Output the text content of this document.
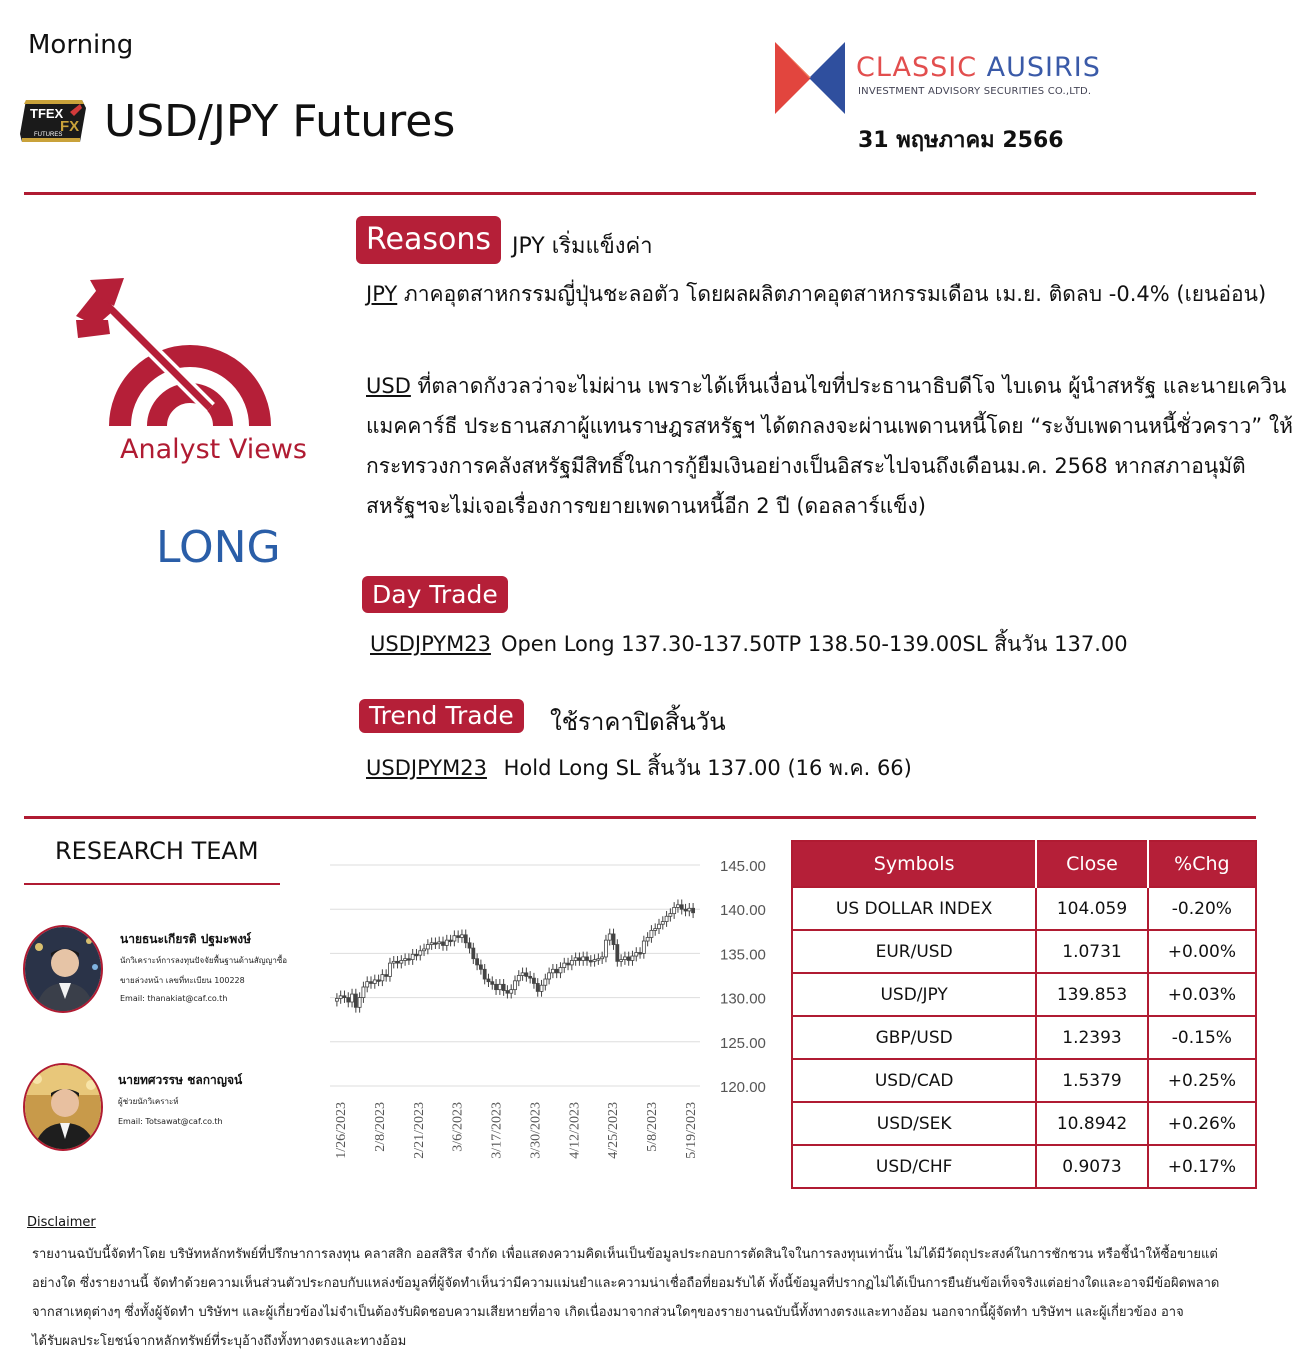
Morning
TFEX
FX
FUTURES USD/JPY Futures
CLASSIC AUSIRIS
INVESTMENT ADVISORY SECURITIES CO.,LTD.
31 พฤษภาคม 2566
Analyst Views
LONG
Reasons JPY เริ่มแข็งค่า
JPY ภาคอุตสาหกรรมญี่ปุ่นชะลอตัว โดยผลผลิตภาคอุตสาหกรรมเดือน เม.ย. ติดลบ -0.4% (เยนอ่อน)
USD ที่ตลาดกังวลว่าจะไม่ผ่าน เพราะได้เห็นเงื่อนไขที่ประธานาธิบดีโจ ไบเดน ผู้นำสหรัฐ และนายเควิน แมคคาร์ธี ประธานสภาผู้แทนราษฎรสหรัฐฯ ได้ตกลงจะผ่านเพดานหนี้โดย “ระงับเพดานหนี้ชั่วคราว” ให้กระทรวงการคลังสหรัฐมีสิทธิ์ในการกู้ยืมเงินอย่างเป็นอิสระไปจนถึงเดือนม.ค. 2568 หากสภาอนุมัติสหรัฐฯจะไม่เจอเรื่องการขยายเพดานหนี้อีก 2 ปี (ดอลลาร์แข็ง)
Day Trade
USDJPYM23 Open Long 137.30-137.50TP 138.50-139.00SL สิ้นวัน 137.00
Trend Trade	ใช้ราคาปิดสิ้นวัน
USDJPYM23 Hold Long SL สิ้นวัน 137.00 (16 พ.ค. 66)
RESEARCH TEAM
นายธนะเกียรติ ปฐมะพงษ์
นักวิเคราะห์การลงทุนปัจจัยพื้นฐานด้านสัญญาซื้อ
ขายล่วงหน้า เลขที่ทะเบียน 100228
Email: thanakiat@caf.co.th
นายทศวรรษ ชลกาญจน์
ผู้ช่วยนักวิเคราะห์
Email: Totsawat@caf.co.th
145.00
140.00
135.00
130.00
125.00
120.00
1/26/2023 2/8/2023 2/21/2023 3/6/2023 3/17/2023 3/30/2023 4/12/2023 4/25/2023 5/8/2023 5/19/2023
Symbols	Close	%Chg
US DOLLAR INDEX	104.059	-0.20%
EUR/USD	1.0731	+0.00%
USD/JPY	139.853	+0.03%
GBP/USD	1.2393	-0.15%
USD/CAD	1.5379	+0.25%
USD/SEK	10.8942	+0.26%
USD/CHF	0.9073	+0.17%
Disclaimer
รายงานฉบับนี้จัดทำโดย บริษัทหลักทรัพย์ที่ปรึกษาการลงทุน คลาสสิก ออสสิริส จำกัด เพื่อแสดงความคิดเห็นเป็นข้อมูลประกอบการตัดสินใจในการลงทุนเท่านั้น ไม่ได้มีวัตถุประสงค์ในการชักชวน หรือชี้นำให้ซื้อขายแต่
อย่างใด ซึ่งรายงานนี้ จัดทำด้วยความเห็นส่วนตัวประกอบกับแหล่งข้อมูลที่ผู้จัดทำเห็นว่ามีความแม่นยำและความน่าเชื่อถือที่ยอมรับได้ ทั้งนี้ข้อมูลที่ปรากฏไม่ได้เป็นการยืนยันข้อเท็จจริงแต่อย่างใดและอาจมีข้อผิดพลาด
จากสาเหตุต่างๆ ซึ่งทั้งผู้จัดทำ บริษัทฯ และผู้เกี่ยวข้องไม่จำเป็นต้องรับผิดชอบความเสียหายที่อาจ เกิดเนื่องมาจากส่วนใดๆของรายงานฉบับนี้ทั้งทางตรงและทางอ้อม นอกจากนี้ผู้จัดทำ บริษัทฯ และผู้เกี่ยวข้อง อาจ
ได้รับผลประโยชน์จากหลักทรัพย์ที่ระบุอ้างถึงทั้งทางตรงและทางอ้อม
